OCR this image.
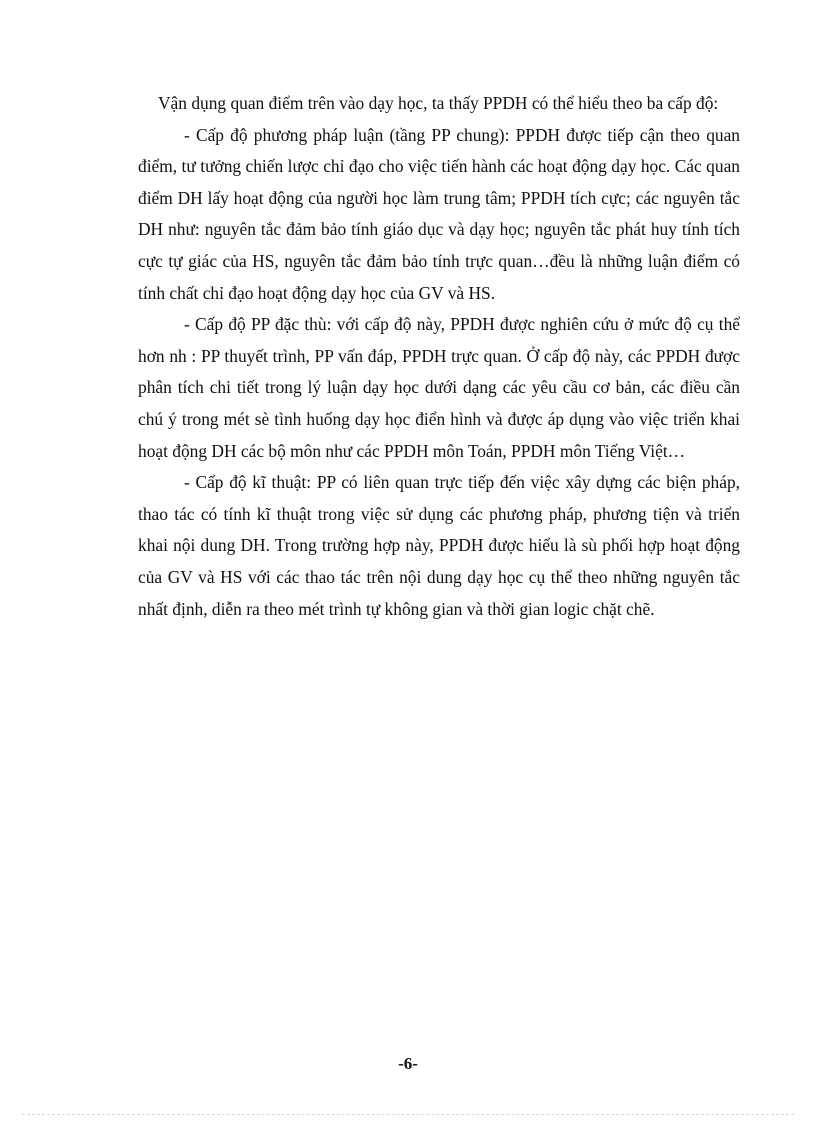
Vận dụng quan điểm trên vào dạy học, ta thấy PPDH có thể hiểu theo ba cấp độ:

- Cấp độ phương pháp luận (tầng PP chung): PPDH được tiếp cận theo quan điểm, tư tưởng chiến lược chỉ đạo cho việc tiến hành các hoạt động dạy học. Các quan điểm DH lấy hoạt động của người học làm trung tâm; PPDH tích cực; các nguyên tắc DH như: nguyên tắc đảm bảo tính giáo dục và dạy học; nguyên tắc phát huy tính tích cực tự giác của HS, nguyên tắc đảm bảo tính trực quan…đều là những luận điểm có tính chất chỉ đạo hoạt động dạy học của GV và HS.

- Cấp độ PP đặc thù: với cấp độ này, PPDH được nghiên cứu ở mức độ cụ thể hơn nh : PP thuyết trình, PP vấn đáp, PPDH trực quan. Ở cấp độ này, các PPDH được phân tích chi tiết trong lý luận dạy học dưới dạng các yêu cầu cơ bản, các điều cần chú ý trong mét sè tình huống dạy học điển hình và được áp dụng vào việc triển khai hoạt động DH các bộ môn như các PPDH môn Toán, PPDH môn Tiếng Việt…

- Cấp độ kĩ thuật: PP có liên quan trực tiếp đến việc xây dựng các biện pháp, thao tác có tính kĩ thuật trong việc sử dụng các phương pháp, phương tiện và triển khai nội dung DH. Trong trường hợp này, PPDH được hiểu là sù phối hợp hoạt động của GV và HS với các thao tác trên nội dung dạy học cụ thể theo những nguyên tắc nhất định, diễn ra theo mét trình tự không gian và thời gian logic chặt chẽ.

-6-
